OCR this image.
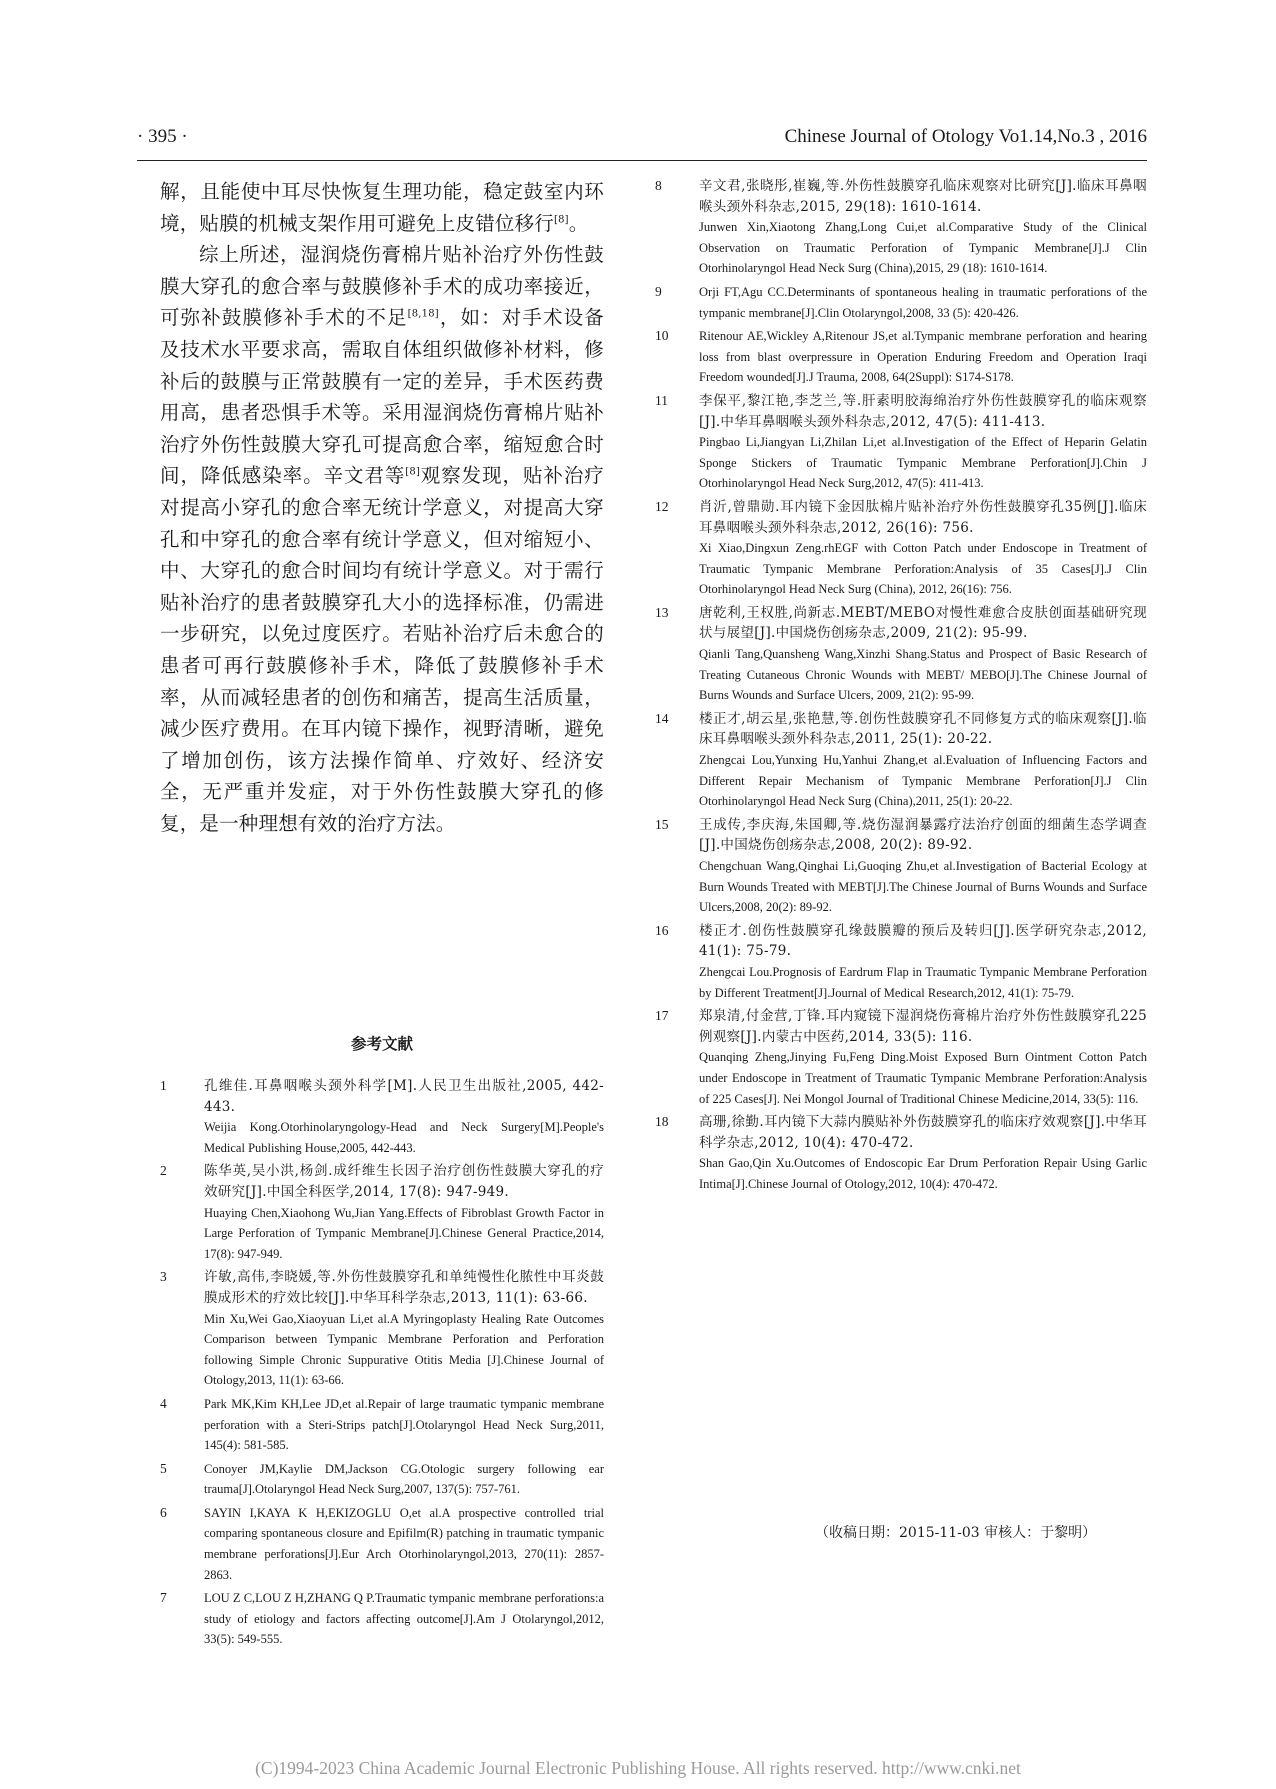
· 395 ·	Chinese Journal of Otology Vo1.14,No.3 , 2016

解，且能使中耳尽快恢复生理功能，稳定鼓室内环境，贴膜的机械支架作用可避免上皮错位移行[8]。

综上所述，湿润烧伤膏棉片贴补治疗外伤性鼓膜大穿孔的愈合率与鼓膜修补手术的成功率接近，可弥补鼓膜修补手术的不足[8,18]，如：对手术设备及技术水平要求高，需取自体组织做修补材料，修补后的鼓膜与正常鼓膜有一定的差异，手术医药费用高，患者恐惧手术等。采用湿润烧伤膏棉片贴补治疗外伤性鼓膜大穿孔可提高愈合率，缩短愈合时间，降低感染率。辛文君等[8]观察发现，贴补治疗对提高小穿孔的愈合率无统计学意义，对提高大穿孔和中穿孔的愈合率有统计学意义，但对缩短小、中、大穿孔的愈合时间均有统计学意义。对于需行贴补治疗的患者鼓膜穿孔大小的选择标准，仍需进一步研究，以免过度医疗。若贴补治疗后未愈合的患者可再行鼓膜修补手术，降低了鼓膜修补手术率，从而减轻患者的创伤和痛苦，提高生活质量，减少医疗费用。在耳内镜下操作，视野清晰，避免了增加创伤，该方法操作简单、疗效好、经济安全，无严重并发症，对于外伤性鼓膜大穿孔的修复，是一种理想有效的治疗方法。

参考文献

1	孔维佳.耳鼻咽喉头颈外科学[M].人民卫生出版社,2005, 442-443.

Weijia Kong.Otorhinolaryngology-Head and Neck Surgery[M].People's Medical Publishing House,2005, 442-443.

2	陈华英,吴小洪,杨剑.成纤维生长因子治疗创伤性鼓膜大穿孔的疗效研究[J].中国全科医学,2014, 17(8): 947-949.

Huaying Chen,Xiaohong Wu,Jian Yang.Effects of Fibroblast Growth Factor in Large Perforation of Tympanic Membrane[J].Chinese General Practice,2014, 17(8): 947-949.

3	许敏,高伟,李晓媛,等.外伤性鼓膜穿孔和单纯慢性化脓性中耳炎鼓膜成形术的疗效比较[J].中华耳科学杂志,2013, 11(1): 63-66.

Min Xu,Wei Gao,Xiaoyuan Li,et al.A Myringoplasty Healing Rate Outcomes Comparison between Tympanic Membrane Perforation and Perforation following Simple Chronic Suppurative Otitis Media [J].Chinese Journal of Otology,2013, 11(1): 63-66.

4	Park MK,Kim KH,Lee JD,et al.Repair of large traumatic tympanic membrane perforation with a Steri-Strips patch[J].Otolaryngol Head Neck Surg,2011, 145(4): 581-585.

5	Conoyer JM,Kaylie DM,Jackson CG.Otologic surgery following ear trauma[J].Otolaryngol Head Neck Surg,2007, 137(5): 757-761.

6	SAYIN I,KAYA K H,EKIZOGLU O,et al.A prospective controlled trial comparing spontaneous closure and Epifilm(R) patching in traumatic tympanic membrane perforations[J].Eur Arch Otorhinolaryngol,2013, 270(11): 2857-2863.

7	LOU Z C,LOU Z H,ZHANG Q P.Traumatic tympanic membrane perforations:a study of etiology and factors affecting outcome[J].Am J Otolaryngol,2012, 33(5): 549-555.

8	辛文君,张晓彤,崔巍,等.外伤性鼓膜穿孔临床观察对比研究[J].临床耳鼻咽喉头颈外科杂志,2015, 29(18): 1610-1614.

Junwen Xin,Xiaotong Zhang,Long Cui,et al.Comparative Study of the Clinical Observation on Traumatic Perforation of Tympanic Membrane[J].J Clin Otorhinolaryngol Head Neck Surg (China),2015, 29 (18): 1610-1614.

9	Orji FT,Agu CC.Determinants of spontaneous healing in traumatic perforations of the tympanic membrane[J].Clin Otolaryngol,2008, 33 (5): 420-426.

10 Ritenour AE,Wickley A,Ritenour JS,et al.Tympanic membrane perforation and hearing loss from blast overpressure in Operation Enduring Freedom and Operation Iraqi Freedom wounded[J].J Trauma, 2008, 64(2Suppl): S174-S178.

11 李保平,黎江艳,李芝兰,等.肝素明胶海绵治疗外伤性鼓膜穿孔的临床观察[J].中华耳鼻咽喉头颈外科杂志,2012, 47(5): 411-413.

Pingbao Li,Jiangyan Li,Zhilan Li,et al.Investigation of the Effect of Heparin Gelatin Sponge Stickers of Traumatic Tympanic Membrane Perforation[J].Chin J Otorhinolaryngol Head Neck Surg,2012, 47(5): 411-413.

12 肖沂,曾鼎勋.耳内镜下金因肽棉片贴补治疗外伤性鼓膜穿孔35例[J].临床耳鼻咽喉头颈外科杂志,2012, 26(16): 756.

Xi Xiao,Dingxun Zeng.rhEGF with Cotton Patch under Endoscope in Treatment of Traumatic Tympanic Membrane Perforation:Analysis of 35 Cases[J].J Clin Otorhinolaryngol Head Neck Surg (China), 2012, 26(16): 756.

13 唐乾利,王权胜,尚新志.MEBT/MEBO对慢性难愈合皮肤创面基础研究现状与展望[J].中国烧伤创疡杂志,2009, 21(2): 95-99.

Qianli Tang,Quansheng Wang,Xinzhi Shang.Status and Prospect of Basic Research of Treating Cutaneous Chronic Wounds with MEBT/ MEBO[J].The Chinese Journal of Burns Wounds and Surface Ulcers, 2009, 21(2): 95-99.

14 楼正才,胡云星,张艳慧,等.创伤性鼓膜穿孔不同修复方式的临床观察[J].临床耳鼻咽喉头颈外科杂志,2011, 25(1): 20-22.

Zhengcai Lou,Yunxing Hu,Yanhui Zhang,et al.Evaluation of Influencing Factors and Different Repair Mechanism of Tympanic Membrane Perforation[J].J Clin Otorhinolaryngol Head Neck Surg (China),2011, 25(1): 20-22.

15 王成传,李庆海,朱国卿,等.烧伤湿润暴露疗法治疗创面的细菌生态学调查[J].中国烧伤创疡杂志,2008, 20(2): 89-92.

Chengchuan Wang,Qinghai Li,Guoqing Zhu,et al.Investigation of Bacterial Ecology at Burn Wounds Treated with MEBT[J].The Chinese Journal of Burns Wounds and Surface Ulcers,2008, 20(2): 89-92.

16 楼正才.创伤性鼓膜穿孔缘鼓膜瓣的预后及转归[J].医学研究杂志,2012, 41(1): 75-79.

Zhengcai Lou.Prognosis of Eardrum Flap in Traumatic Tympanic Membrane Perforation by Different Treatment[J].Journal of Medical Research,2012, 41(1): 75-79.

17 郑泉清,付金营,丁锋.耳内窥镜下湿润烧伤膏棉片治疗外伤性鼓膜穿孔225例观察[J].内蒙古中医药,2014, 33(5): 116.

Quanqing Zheng,Jinying Fu,Feng Ding.Moist Exposed Burn Ointment Cotton Patch under Endoscope in Treatment of Traumatic Tympanic Membrane Perforation:Analysis of 225 Cases[J]. Nei Mongol Journal of Traditional Chinese Medicine,2014, 33(5): 116.

18 高珊,徐勤.耳内镜下大蒜内膜贴补外伤鼓膜穿孔的临床疗效观察[J].中华耳科学杂志,2012, 10(4): 470-472.

Shan Gao,Qin Xu.Outcomes of Endoscopic Ear Drum Perforation Repair Using Garlic Intima[J].Chinese Journal of Otology,2012, 10(4): 470-472.

（收稿日期：2015-11-03 审核人：于黎明）
(C)1994-2023 China Academic Journal Electronic Publishing House. All rights reserved. http://www.cnki.net
